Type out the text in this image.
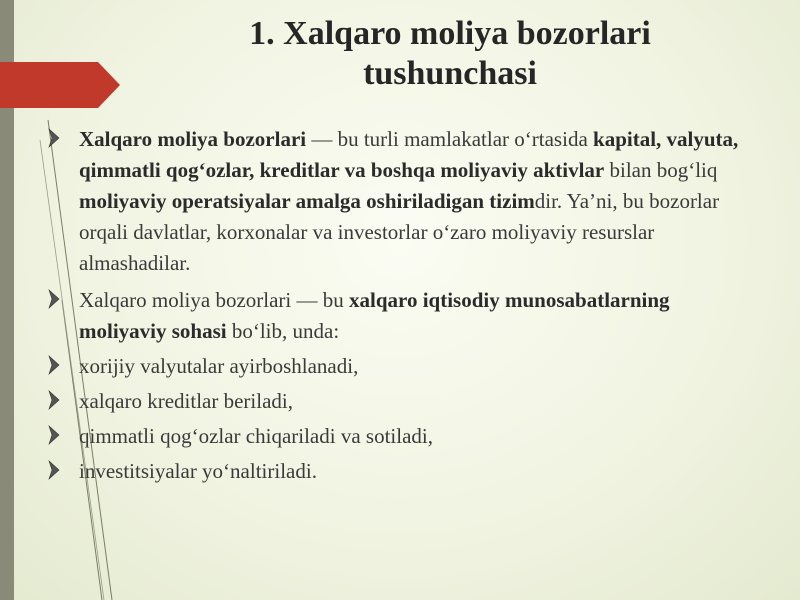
1. Xalqaro moliya bozorlari
tushunchasi
Xalqaro moliya bozorlari — bu turli mamlakatlar o‘rtasida kapital, valyuta, qimmatli qog‘ozlar, kreditlar va boshqa moliyaviy aktivlar bilan bog‘liq moliyaviy operatsiyalar amalga oshiriladigan tizimdir. Ya’ni, bu bozorlar orqali davlatlar, korxonalar va investorlar o‘zaro moliyaviy resurslar almashadilar.
Xalqaro moliya bozorlari — bu xalqaro iqtisodiy munosabatlarning moliyaviy sohasi bo‘lib, unda:
xorijiy valyutalar ayirboshlanadi,
xalqaro kreditlar beriladi,
qimmatli qog‘ozlar chiqariladi va sotiladi,
investitsiyalar yo‘naltiriladi.
